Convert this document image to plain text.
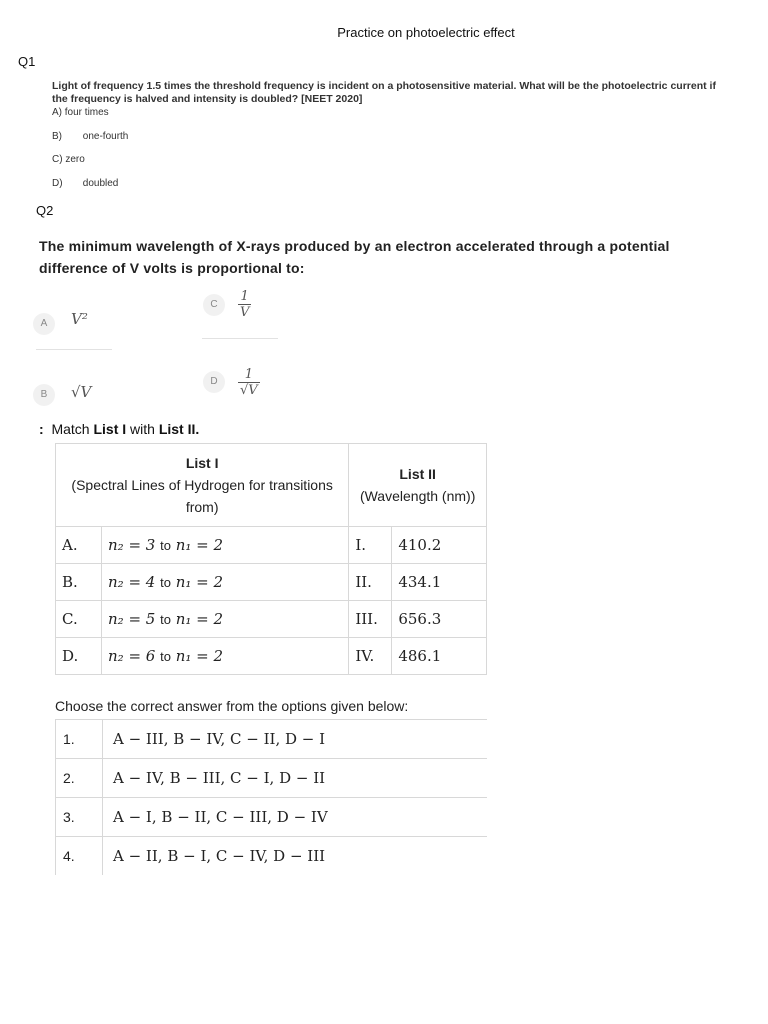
Practice on photoelectric effect
Q1
Light of frequency 1.5 times the threshold frequency is incident on a photosensitive material. What will be the photoelectric current if the frequency is halved and intensity is doubled? [NEET 2020]
A) four times
B) one-fourth
C) zero
D) doubled
Q2
The minimum wavelength of X-rays produced by an electron accelerated through a potential difference of V volts is proportional to:
A	V²
B	√V
C	$\frac{1}{V}$
D	$\frac{1}{√V}$
: Match List I with List II.
List I
(Spectral Lines of Hydrogen for transitions from)		List II
(Wavelength (nm))	
A.	n₂ = 3 to n₁ = 2	I.	410.2
B.	n₂ = 4 to n₁ = 2	II.	434.1
C.	n₂ = 5 to n₁ = 2	III.	656.3
D.	n₂ = 6 to n₁ = 2	IV.	486.1
Choose the correct answer from the options given below:
1.	A − III, B − IV, C − II, D − I
2.	A − IV, B − III, C − I, D − II
3.	A − I, B − II, C − III, D − IV
4.	A − II, B − I, C − IV, D − III
